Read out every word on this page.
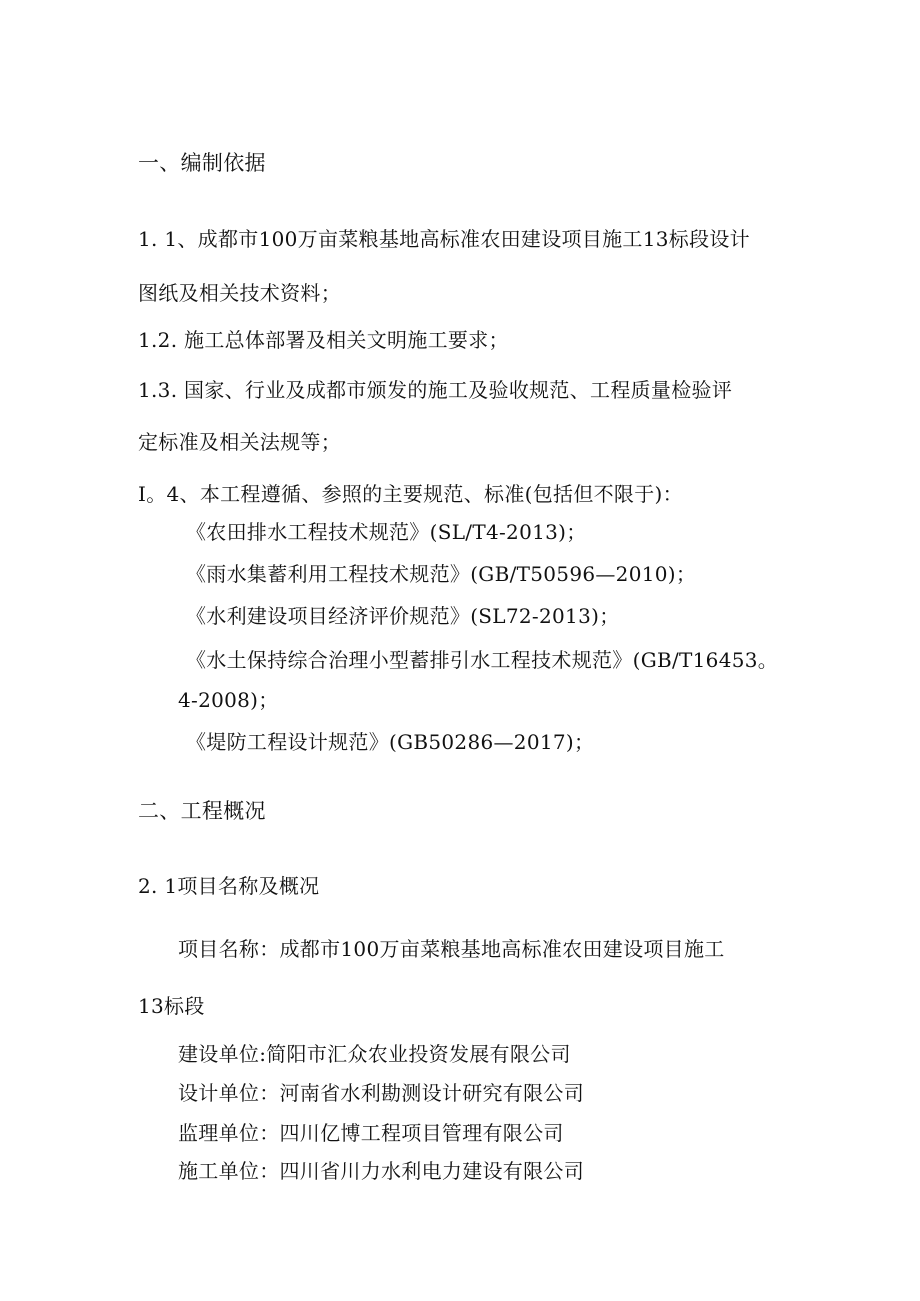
一、编制依据
1. 1、成都市100万亩菜粮基地高标准农田建设项目施工13标段设计
图纸及相关技术资料；
1.2. 施工总体部署及相关文明施工要求；
1.3. 国家、行业及成都市颁发的施工及验收规范、工程质量检验评
定标准及相关法规等；
I。4、本工程遵循、参照的主要规范、标准(包括但不限于)：
《农田排水工程技术规范》(SL/T4-2013)；
《雨水集蓄利用工程技术规范》(GB/T50596—2010)；
《水利建设项目经济评价规范》(SL72-2013)；
《水土保持综合治理小型蓄排引水工程技术规范》(GB/T16453。
4-2008)；
《堤防工程设计规范》(GB50286—2017)；
二、工程概况
2. 1项目名称及概况
项目名称：成都市100万亩菜粮基地高标准农田建设项目施工
13标段
建设单位:简阳市汇众农业投资发展有限公司
设计单位：河南省水利勘测设计研究有限公司
监理单位：四川亿博工程项目管理有限公司
施工单位：四川省川力水利电力建设有限公司
